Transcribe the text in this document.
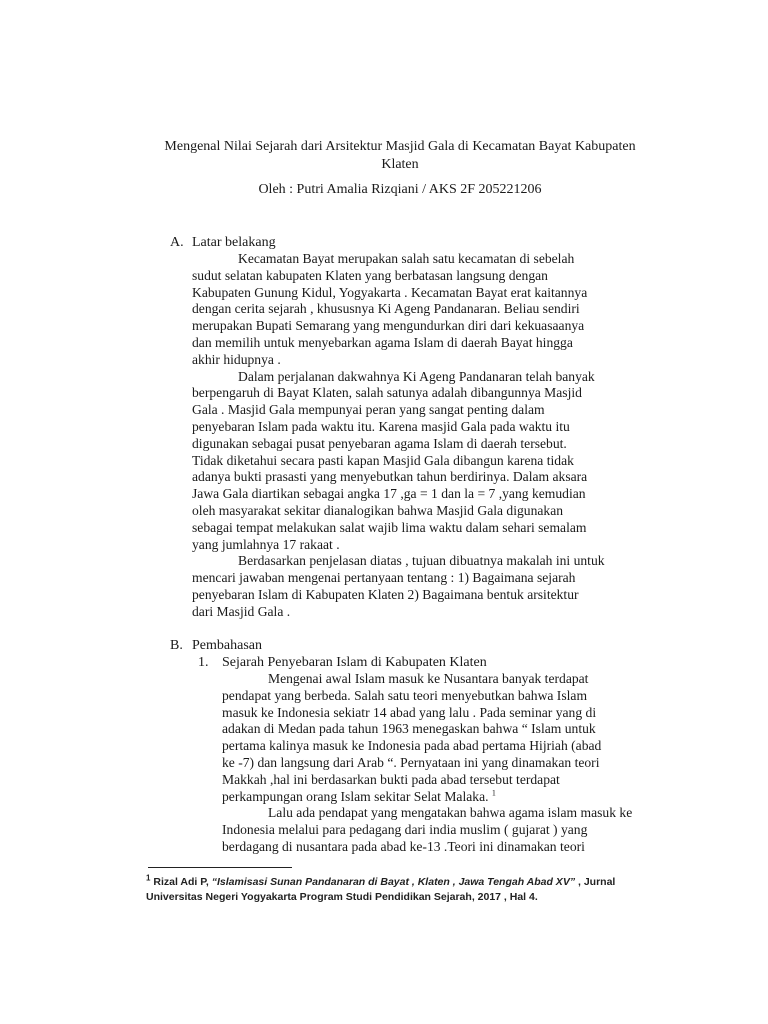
Mengenal Nilai Sejarah dari Arsitektur Masjid Gala di Kecamatan Bayat Kabupaten Klaten
Oleh : Putri Amalia Rizqiani / AKS 2F 205221206
A. Latar belakang
Kecamatan Bayat merupakan salah satu kecamatan di sebelah
sudut selatan kabupaten Klaten yang berbatasan langsung dengan
Kabupaten Gunung Kidul, Yogyakarta . Kecamatan Bayat erat kaitannya
dengan cerita sejarah , khususnya Ki Ageng Pandanaran. Beliau sendiri
merupakan Bupati Semarang yang mengundurkan diri dari kekuasaanya
dan memilih untuk menyebarkan agama Islam di daerah Bayat hingga
akhir hidupnya .
Dalam perjalanan dakwahnya Ki Ageng Pandanaran telah banyak
berpengaruh di Bayat Klaten, salah satunya adalah dibangunnya Masjid
Gala . Masjid Gala mempunyai peran yang sangat penting dalam
penyebaran Islam pada waktu itu. Karena masjid Gala pada waktu itu
digunakan sebagai pusat penyebaran agama Islam di daerah tersebut.
Tidak diketahui secara pasti kapan Masjid Gala dibangun karena tidak
adanya bukti prasasti yang menyebutkan tahun berdirinya. Dalam aksara
Jawa Gala diartikan sebagai angka 17 ,ga = 1 dan la = 7 ,yang kemudian
oleh masyarakat sekitar dianalogikan bahwa Masjid Gala digunakan
sebagai tempat melakukan salat wajib lima waktu dalam sehari semalam
yang jumlahnya 17 rakaat .
Berdasarkan penjelasan diatas , tujuan dibuatnya makalah ini untuk
mencari jawaban mengenai pertanyaan tentang : 1) Bagaimana sejarah
penyebaran Islam di Kabupaten Klaten 2) Bagaimana bentuk arsitektur
dari Masjid Gala .
B. Pembahasan
1. Sejarah Penyebaran Islam di Kabupaten Klaten
Mengenai awal Islam masuk ke Nusantara banyak terdapat
pendapat yang berbeda. Salah satu teori menyebutkan bahwa Islam
masuk ke Indonesia sekiatr 14 abad yang lalu . Pada seminar yang di
adakan di Medan pada tahun 1963 menegaskan bahwa “ Islam untuk
pertama kalinya masuk ke Indonesia pada abad pertama Hijriah (abad
ke -7) dan langsung dari Arab “. Pernyataan ini yang dinamakan teori
Makkah ,hal ini berdasarkan bukti pada abad tersebut terdapat
perkampungan orang Islam sekitar Selat Malaka. $^1$
Lalu ada pendapat yang mengatakan bahwa agama islam masuk ke
Indonesia melalui para pedagang dari india muslim ( gujarat ) yang
berdagang di nusantara pada abad ke-13 .Teori ini dinamakan teori
$^1$ Rizal Adi P, “Islamisasi Sunan Pandanaran di Bayat , Klaten , Jawa Tengah Abad XV” , Jurnal
Universitas Negeri Yogyakarta Program Studi Pendidikan Sejarah, 2017 , Hal 4.
